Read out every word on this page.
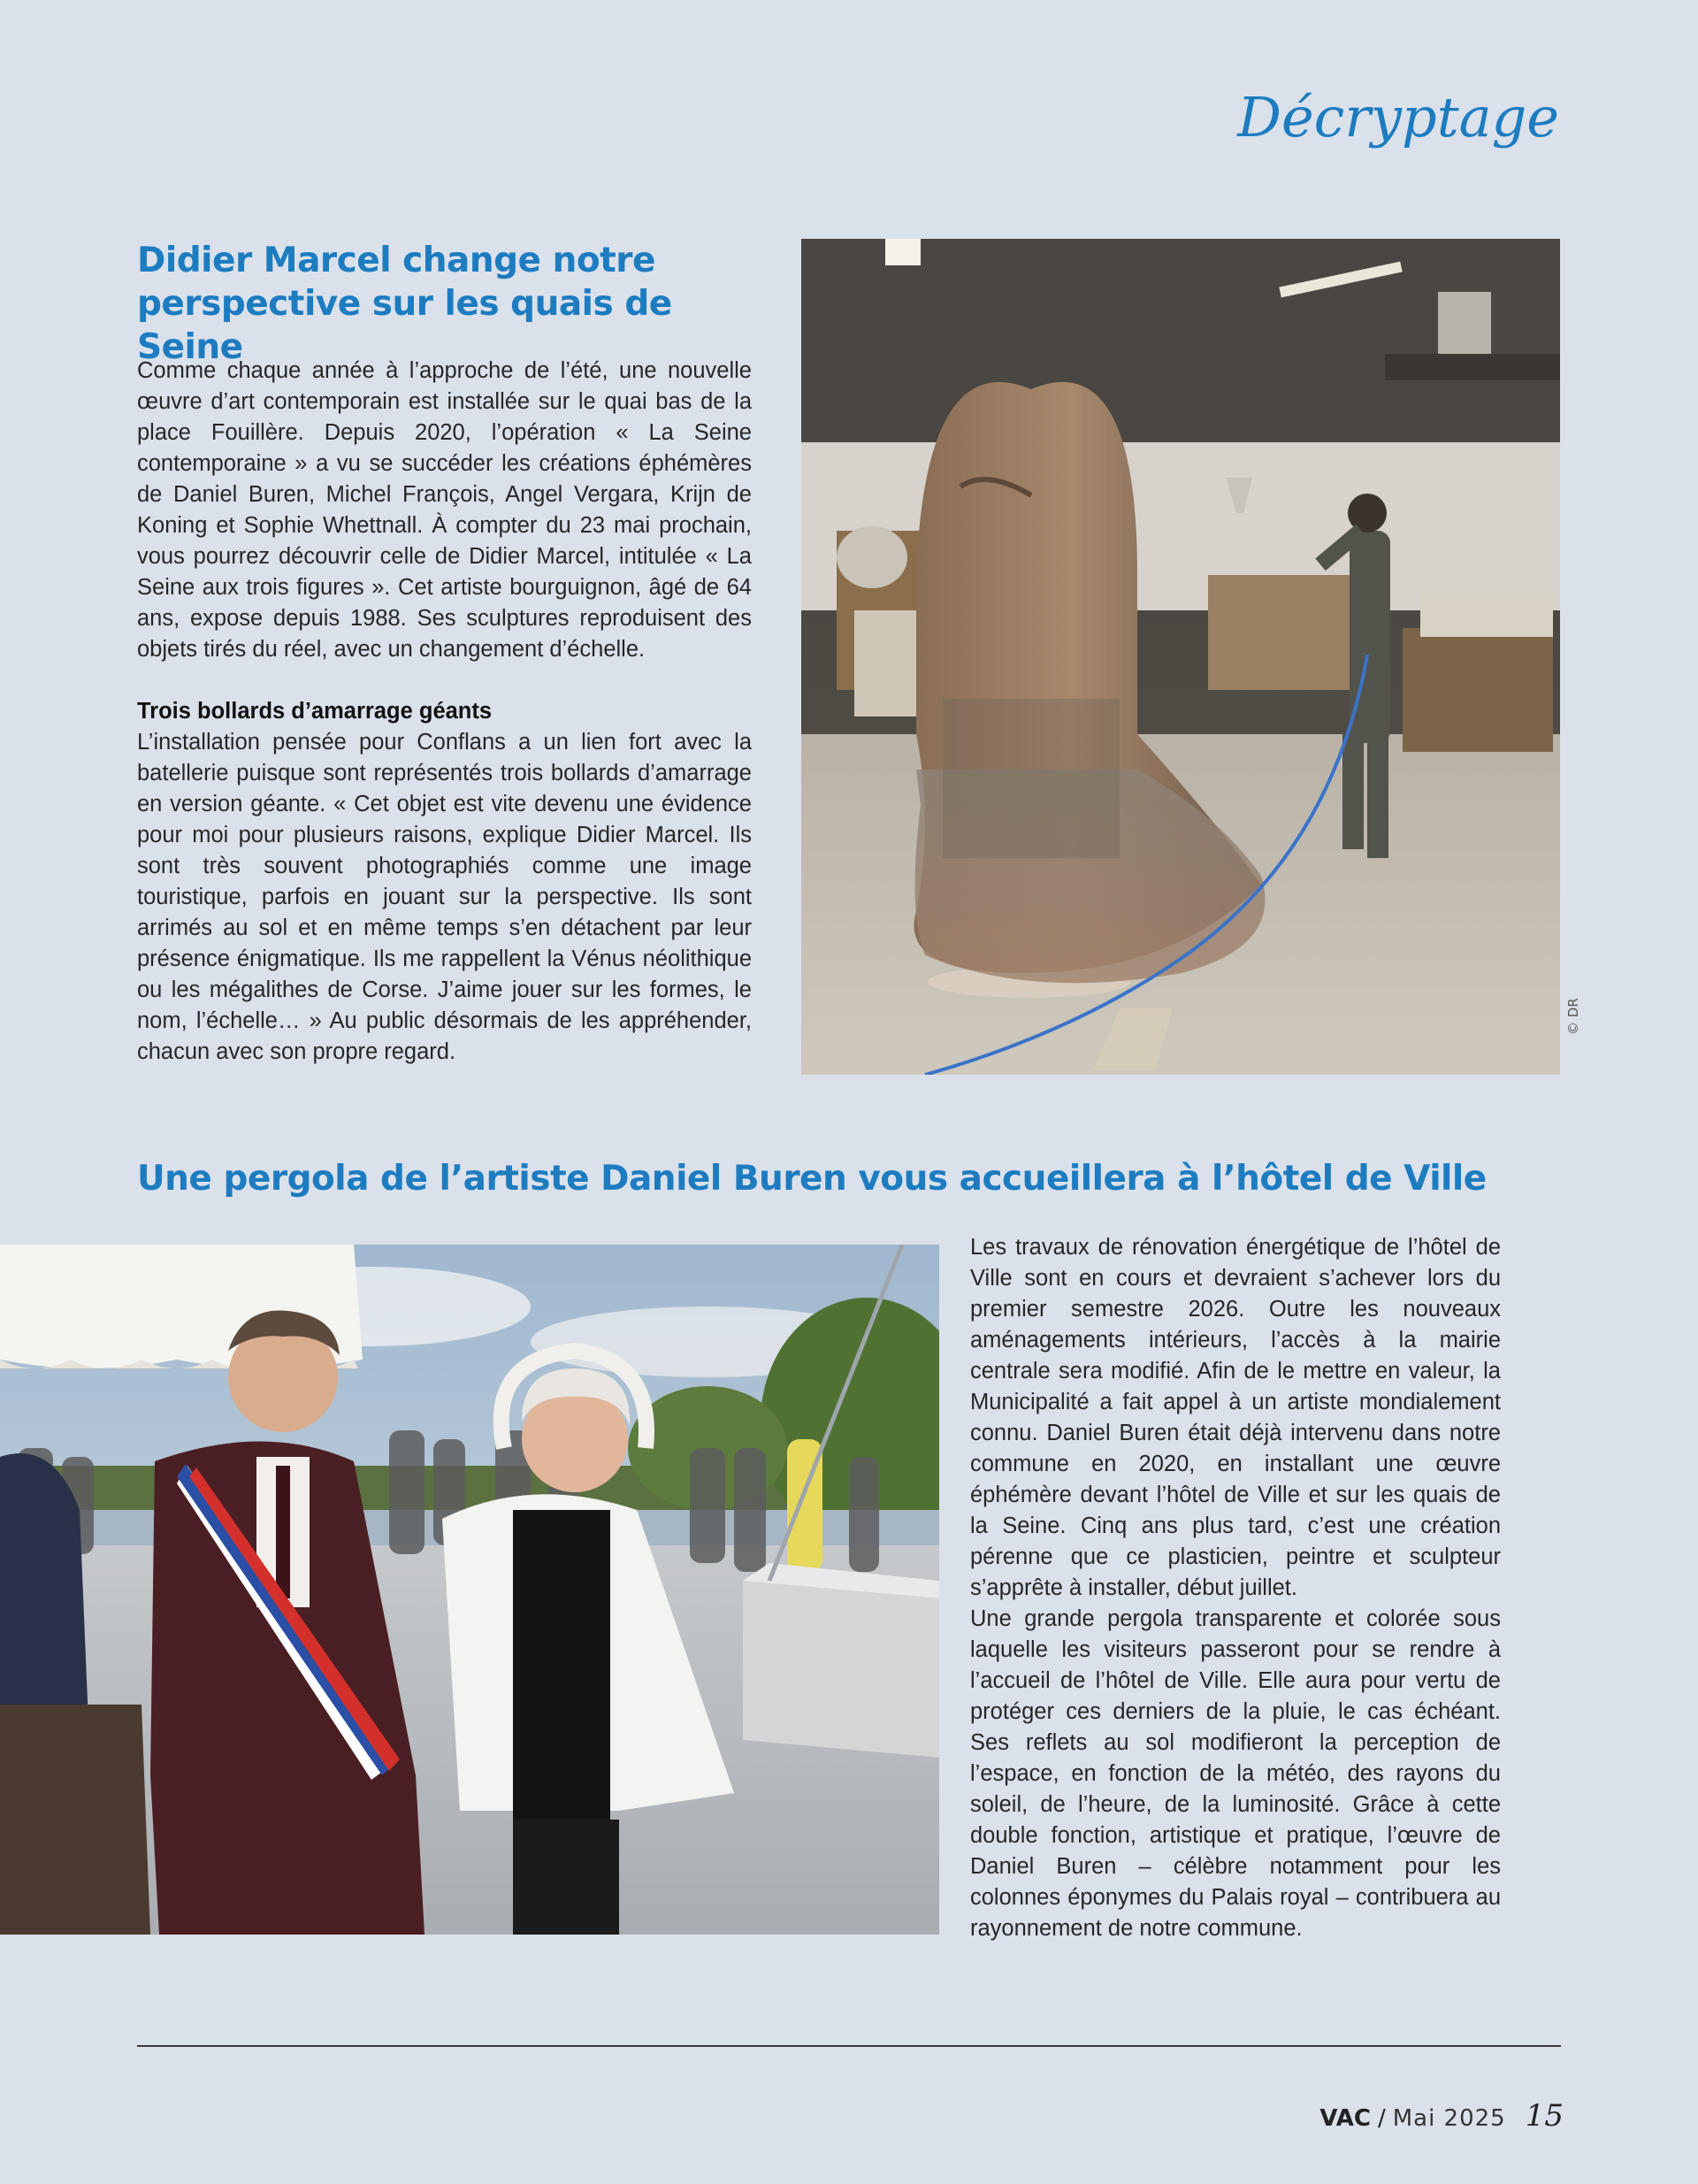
Décryptage
Didier Marcel change notre perspective sur les quais de Seine

Comme chaque année à l’approche de l’été, une nouvelle œuvre d’art contemporain est installée sur le quai bas de la place Fouillère. Depuis 2020, l’opération « La Seine contemporaine » a vu se succéder les créations éphémères de Daniel Buren, Michel François, Angel Vergara, Krijn de Koning et Sophie Whettnall. À compter du 23 mai prochain, vous pourrez découvrir celle de Didier Marcel, intitulée « La Seine aux trois figures ». Cet artiste bourguignon, âgé de 64 ans, expose depuis 1988. Ses sculptures reproduisent des objets tirés du réel, avec un changement d’échelle.

Trois bollards d’amarrage géants

L’installation pensée pour Conflans a un lien fort avec la batellerie puisque sont représentés trois bollards d’amarrage en version géante. « Cet objet est vite devenu une évidence pour moi pour plusieurs raisons, explique Didier Marcel. Ils sont très souvent photographiés comme une image touristique, parfois en jouant sur la perspective. Ils sont arrimés au sol et en même temps s’en détachent par leur présence énigmatique. Ils me rappellent la Vénus néolithique ou les mégalithes de Corse. J’aime jouer sur les formes, le nom, l’échelle… » Au public désormais de les appréhender, chacun avec son propre regard.

© DR
Une pergola de l’artiste Daniel Buren vous accueillera à l’hôtel de Ville

Les travaux de rénovation énergétique de l’hôtel de Ville sont en cours et devraient s’achever lors du premier semestre 2026. Outre les nouveaux aménagements intérieurs, l’accès à la mairie centrale sera modifié. Afin de le mettre en valeur, la Municipalité a fait appel à un artiste mondialement connu. Daniel Buren était déjà intervenu dans notre commune en 2020, en installant une œuvre éphémère devant l’hôtel de Ville et sur les quais de la Seine. Cinq ans plus tard, c’est une création pérenne que ce plasticien, peintre et sculpteur s’apprête à installer, début juillet.

Une grande pergola transparente et colorée sous laquelle les visiteurs passeront pour se rendre à l’accueil de l’hôtel de Ville. Elle aura pour vertu de protéger ces derniers de la pluie, le cas échéant. Ses reflets au sol modifieront la perception de l’espace, en fonction de la météo, des rayons du soleil, de l’heure, de la luminosité. Grâce à cette double fonction, artistique et pratique, l’œuvre de Daniel Buren – célèbre notamment pour les colonnes éponymes du Palais royal – contribuera au rayonnement de notre commune.

VAC / Mai 2025 15
